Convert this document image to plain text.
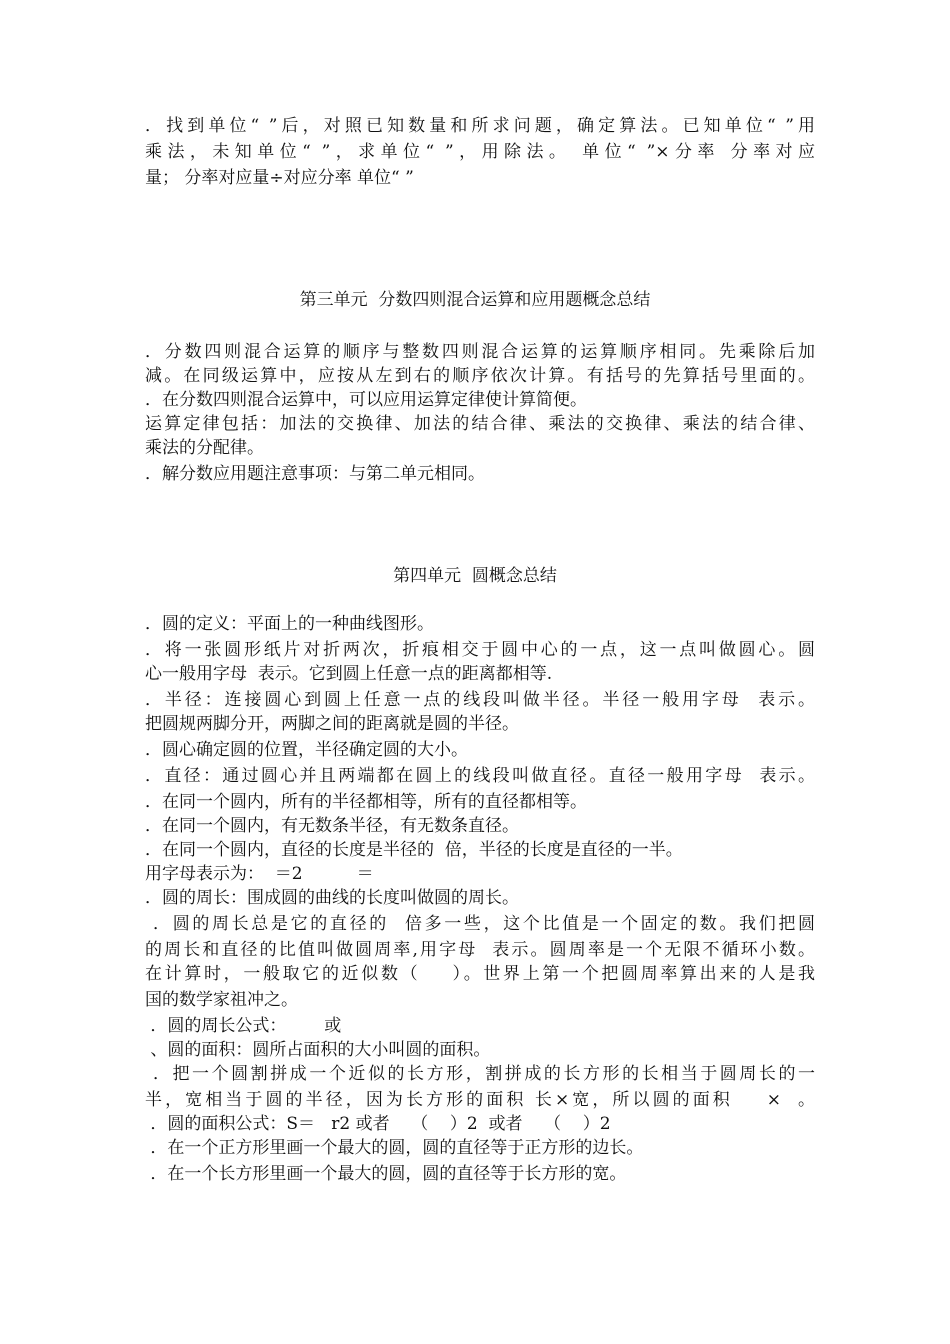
．找到单位“ ”后，对照已知数量和所求问题，确定算法。已知单位“ ”用
乘法，未知单位“ ”，求单位“ ”，用除法。 单位“ ”×分率 分率对应
量； 分率对应量÷对应分率 单位“ ”
第三单元  分数四则混合运算和应用题概念总结
．分数四则混合运算的顺序与整数四则混合运算的运算顺序相同。先乘除后加
减。在同级运算中，应按从左到右的顺序依次计算。有括号的先算括号里面的。
．在分数四则混合运算中，可以应用运算定律使计算简便。
运算定律包括：加法的交换律、加法的结合律、乘法的交换律、乘法的结合律、
乘法的分配律。
．解分数应用题注意事项：与第二单元相同。
第四单元  圆概念总结
．圆的定义：平面上的一种曲线图形。
．将一张圆形纸片对折两次，折痕相交于圆中心的一点，这一点叫做圆心。圆
心一般用字母  表示。它到圆上任意一点的距离都相等.
．半径：连接圆心到圆上任意一点的线段叫做半径。半径一般用字母  表示。
把圆规两脚分开，两脚之间的距离就是圆的半径。
．圆心确定圆的位置，半径确定圆的大小。
．直径：通过圆心并且两端都在圆上的线段叫做直径。直径一般用字母  表示。
．在同一个圆内，所有的半径都相等，所有的直径都相等。
．在同一个圆内，有无数条半径，有无数条直径。
．在同一个圆内，直径的长度是半径的  倍，半径的长度是直径的一半。
用字母表示为：  ＝2          ＝
．圆的周长：围成圆的曲线的长度叫做圆的周长。
．圆的周长总是它的直径的  倍多一些，这个比值是一个固定的数。我们把圆
的周长和直径的比值叫做圆周率,用字母  表示。圆周率是一个无限不循环小数。
在计算时，一般取它的近似数（    ）。世界上第一个把圆周率算出来的人是我
国的数学家祖冲之。
．圆的周长公式：       或
、圆的面积：圆所占面积的大小叫圆的面积。
．把一个圆割拼成一个近似的长方形，割拼成的长方形的长相当于圆周长的一
半，宽相当于圆的半径，因为长方形的面积 长×宽，所以圆的面积    ×  。
．圆的面积公式：S＝   r2 或者    （    ）2  或者    （    ）2
．在一个正方形里画一个最大的圆，圆的直径等于正方形的边长。
．在一个长方形里画一个最大的圆，圆的直径等于长方形的宽。
